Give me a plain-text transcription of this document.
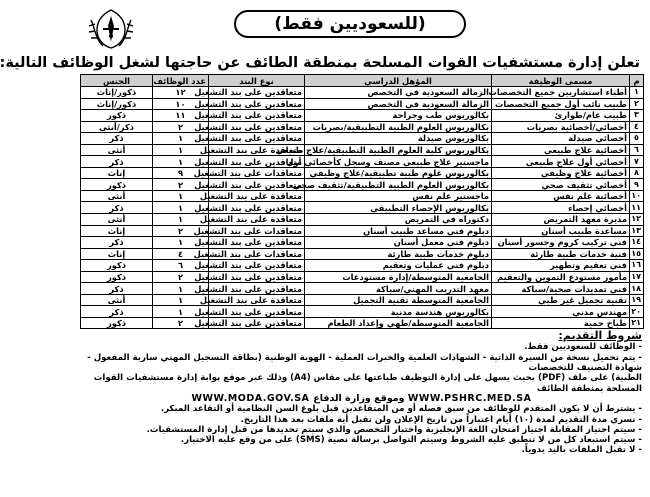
(للسعوديين فقط)
تعلن إدارة مستشفيات القوات المسلحة بمنطقة الطائف عن حاجتها لشغل الوظائف التالية:
م	مسمى الوظيفة	المؤهل الدراسي	نوع البند	عدد الوظائف	الجنس
١	أطباء استشاريين جميع التخصصات	الزمالة السعودية في التخصص	متعاقدين على بند التشغيل	١٢	ذكور/إناث
٢	طبيب نائب أول جميع التخصصات	الزمالة السعودية في التخصص	متعاقدين على بند التشغيل	١٠	ذكور/إناث
٣	طبيب عام/طوارئ	بكالوريوس طب وجراحة	متعاقدين على بند التشغيل	١١	ذكور
٤	أخصائي/أخصائية بصريات	بكالوريوس العلوم الطبية التطبيقية/بصريات	متعاقدين على بند التشغيل	٢	ذكر/أنثى
٥	أخصائي صيدلة	بكالوريوس صيدلة	متعاقدين على بند التشغيل	١	ذكر
٦	أخصائية علاج طبيعي	بكالوريوس كلية العلوم الطبية التطبيقية/علاج طبيعي	متعاقدة على بند التشغيل	١	أنثى
٧	أخصائي أول علاج طبيعي	ماجستير علاج طبيعي مصنف وسجل كأخصائي أول	متعاقدين على بند التشغيل	١	ذكر
٨	أخصائية علاج وظيفي	بكالوريوس علوم طبية تطبيقية/علاج وظيفي	متعاقدات على بند التشغيل	٩	إناث
٩	أخصائي تثقيف صحي	بكالوريوس العلوم الطبية التطبيقية/تثقيف صحي	متعاقدين على بند التشغيل	٢	ذكور
١٠	أخصائية علم نفس	ماجستير علم نفس	متعاقدة على بند التشغيل	١	أنثى
١١	أخصائي إحصاء	بكالوريوس الإحصاء التطبيقي	متعاقدين على بند التشغيل	١	ذكر
١٢	مديرة معهد التمريض	دكتوراه في التمريض	متعاقدة على بند التشغيل	١	أنثى
١٣	مساعدة طبيب أسنان	دبلوم فني مساعد طبيب أسنان	متعاقدات على بند التشغيل	٢	إناث
١٤	فني تركيب كروم وجسور أسنان	دبلوم فني معمل أسنان	متعاقدين على بند التشغيل	١	ذكر
١٥	فنية خدمات طبية طارئة	دبلوم خدمات طبية طارئة	متعاقدات على بند التشغيل	٤	إناث
١٦	فني تعقيم وتطهير	دبلوم فني عمليات وتعقيم	متعاقدين على بند التشغيل	٦	ذكور
١٧	مأمور مستودع التموين والتعقيم	الجامعية المتوسطة/إدارة مستودعات	متعاقدين على بند التشغيل	٢	ذكور
١٨	فني تمديدات صحية/سباكة	معهد التدريب المهني/سباكة	متعاقدين على بند التشغيل	١	ذكر
١٩	تقنية تجميل غير طبي	الجامعية المتوسطة تقنية التجميل	متعاقدة على بند التشغيل	١	أنثى
٢٠	مهندس مدني	بكالوريوس هندسة مدنية	متعاقدين على بند التشغيل	١	ذكر
٢١	طباخ حمية	الجامعية المتوسطة/طهي وإعداد الطعام	متعاقدين على بند التشغيل	٢	ذكور
شروط التقديم:

- الوظائف للسعوديين فقط.

- يتم تحميل نسخة من السيرة الذاتية - الشهادات العلمية والخبرات العملية - الهوية الوطنية (بطاقة التسجيل المهني سارية المفعول - شهادة التصنيف للتخصصات

الطبية) على ملف (PDF) بحيث يسهل على إدارة التوظيف طباعتها على مقاس (A4) وذلك عبر موقع بوابة إدارة مستشفيات القوات المسلحة بمنطقة الطائف

WWW.MODA.GOV.SA وموقع وزارة الدفاع WWW.PSHRC.MED.SA

- يشترط أن لا يكون المتقدم للوظائف من سبق فصله أو من المتقاعدين قبل بلوغ السن النظامية أو التقاعد المبكر.

- تسري مدة التقديم لمدة (١٠) أيام اعتباراً من تاريخ الإعلان ولن تقبل أية ملفات بعد هذا التاريخ.

- سيتم اجتياز المقابلة اجتياز امتحان اللغة الإنجليزية واختبار التخصص والذي سيتم تحديدها من قبل إدارة المستشفيات.

- سيتم استبعاد كل من لا تنطبق عليه الشروط وسيتم التواصل برسالة نصية (SMS) على من وقع عليه الاختيار.

- لا تقبل الملفات باليد يدوياً.
